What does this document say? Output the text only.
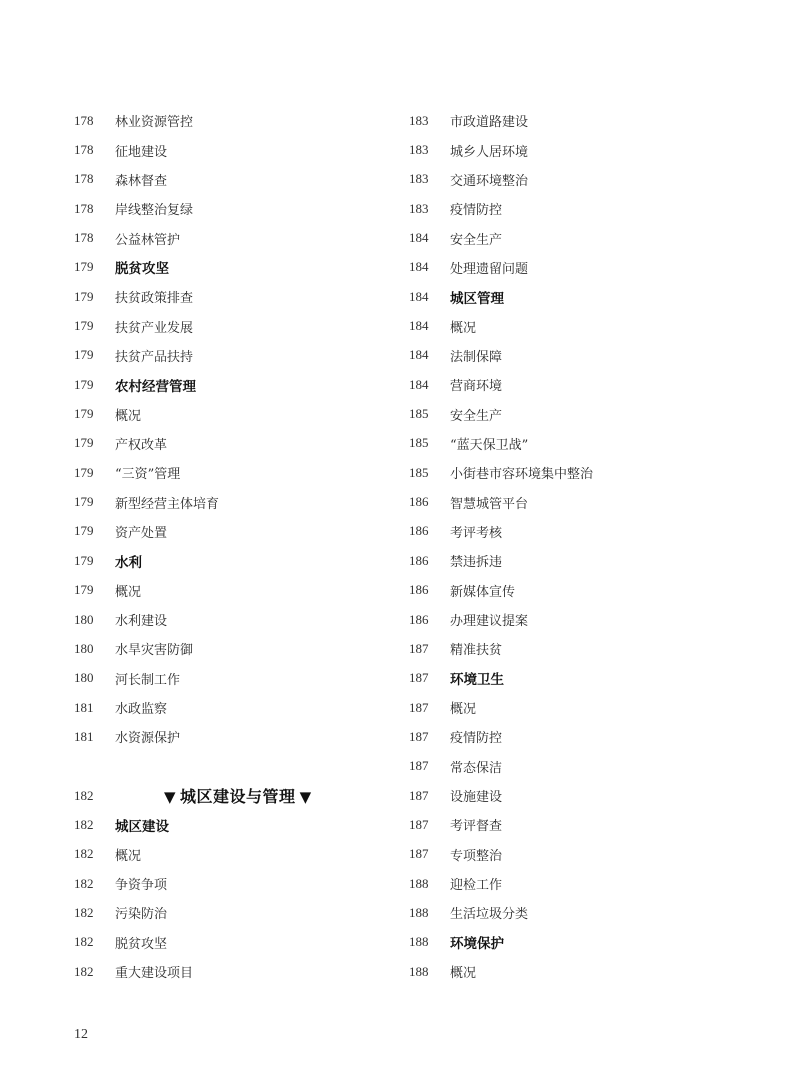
178	林业资源管控
178	征地建设
178	森林督查
178	岸线整治复绿
178	公益林管护
179	脱贫攻坚
179	扶贫政策排查
179	扶贫产业发展
179	扶贫产品扶持
179	农村经营管理
179	概况
179	产权改革
179	“三资”管理
179	新型经营主体培育
179	资产处置
179	水利
179	概况
180	水利建设
180	水旱灾害防御
180	河长制工作
181	水政监察
181	水资源保护
182	▼ 城区建设与管理 ▼
182	城区建设
182	概况
182	争资争项
182	污染防治
182	脱贫攻坚
182	重大建设项目
183	市政道路建设
183	城乡人居环境
183	交通环境整治
183	疫情防控
184	安全生产
184	处理遗留问题
184	城区管理
184	概况
184	法制保障
184	营商环境
185	安全生产
185	“蓝天保卫战”
185	小街巷市容环境集中整治
186	智慧城管平台
186	考评考核
186	禁违拆违
186	新媒体宣传
186	办理建议提案
187	精准扶贫
187	环境卫生
187	概况
187	疫情防控
187	常态保洁
187	设施建设
187	考评督查
187	专项整治
188	迎检工作
188	生活垃圾分类
188	环境保护
188	概况
12
